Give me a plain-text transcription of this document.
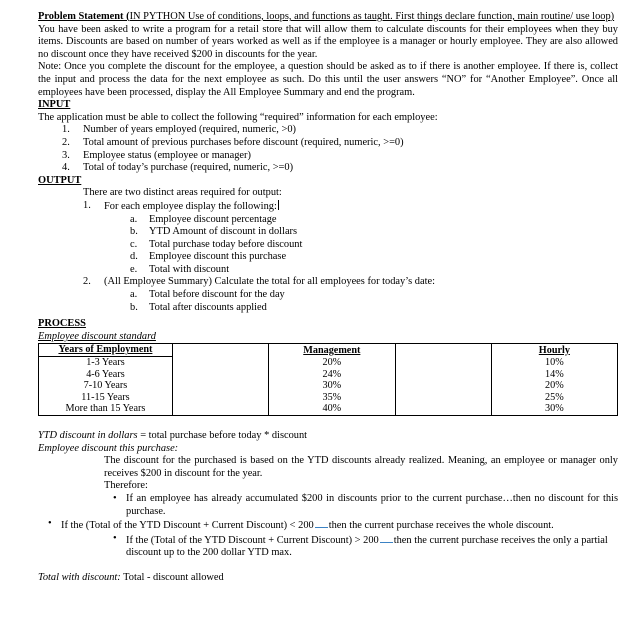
Problem Statement (IN PYTHON Use of conditions, loops, and functions as taught. First things declare function, main routine/ use loop)

You have been asked to write a program for a retail store that will allow them to calculate discounts for their employees when they buy items. Discounts are based on number of years worked as well as if the employee is a manager or hourly employee. They are also allowed no discount once they have received $200 in discounts for the year.

Note: Once you complete the discount for the employee, a question should be asked as to if there is another employee. If there is, collect the input and process the data for the next employee as such. Do this until the user answers “NO” for “Another Employee”. Once all employees have been processed, display the All Employee Summary and end the program.

INPUT

The application must be able to collect the following “required” information for each employee:

1. Number of years employed (required, numeric, >0)
2. Total amount of previous purchases before discount (required, numeric, >=0)
3. Employee status (employee or manager)
4. Total of today’s purchase (required, numeric, >=0)

OUTPUT

There are two distinct areas required for output:

1. For each employee display the following:
a. Employee discount percentage
b. YTD Amount of discount in dollars
c. Total purchase today before discount
d. Employee discount this purchase
e. Total with discount
2. (All Employee Summary) Calculate the total for all employees for today’s date:
a. Total before discount for the day
b. Total after discounts applied

PROCESS

Employee discount standard

Years of Employment		Management		Hourly
1-3 Years		20%		10%
4-6 Years		24%		14%
7-10 Years		30%		20%
11-15 Years		35%		25%
More than 15 Years		40%		30%

YTD discount in dollars = total purchase before today * discount

Employee discount this purchase:

The discount for the purchased is based on the YTD discounts already realized. Meaning, an employee or manager only receives $200 in discount for the year.

Therefore:

• If an employee has already accumulated $200 in discounts prior to the current purchase…then no discount for this purchase.
• If the (Total of the YTD Discount + Current Discount) < 200 then the current purchase receives the whole discount.
• If the (Total of the YTD Discount + Current Discount) > 200 then the current purchase receives the only a partial discount up to the 200 dollar YTD max.

Total with discount: Total - discount allowed
